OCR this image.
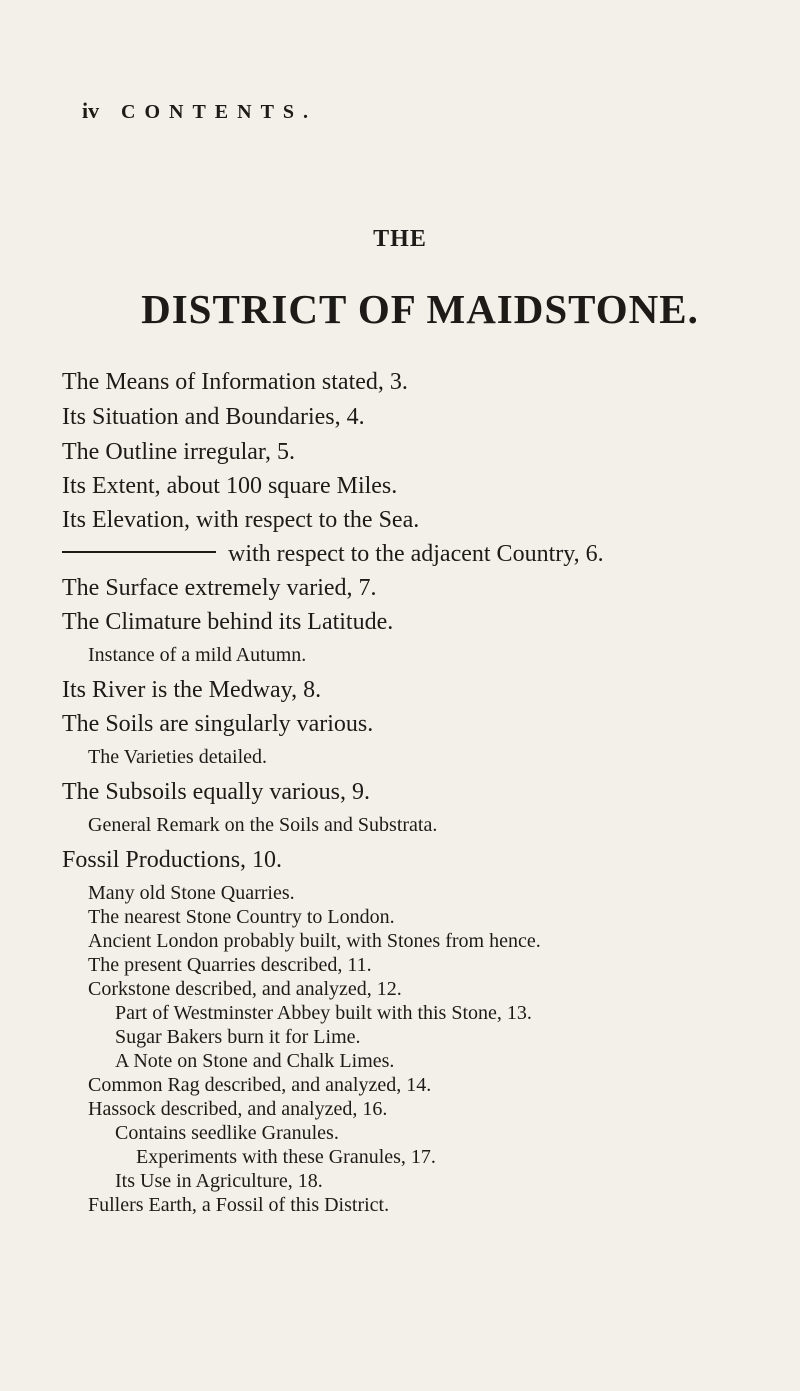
iv CONTENTS.
THE
DISTRICT OF MAIDSTONE.
The Means of Information stated, 3.
Its Situation and Boundaries, 4.
The Outline irregular, 5.
Its Extent, about 100 square Miles.
Its Elevation, with respect to the Sea.
with respect to the adjacent Country, 6.
The Surface extremely varied, 7.
The Climature behind its Latitude.
Instance of a mild Autumn.
Its River is the Medway, 8.
The Soils are singularly various.
The Varieties detailed.
The Subsoils equally various, 9.
General Remark on the Soils and Substrata.
Fossil Productions, 10.
Many old Stone Quarries.
The nearest Stone Country to London.
Ancient London probably built, with Stones from hence.
The present Quarries described, 11.
Corkstone described, and analyzed, 12.
Part of Westminster Abbey built with this Stone, 13.
Sugar Bakers burn it for Lime.
A Note on Stone and Chalk Limes.
Common Rag described, and analyzed, 14.
Hassock described, and analyzed, 16.
Contains seedlike Granules.
Experiments with these Granules, 17.
Its Use in Agriculture, 18.
Fullers Earth, a Fossil of this District.
